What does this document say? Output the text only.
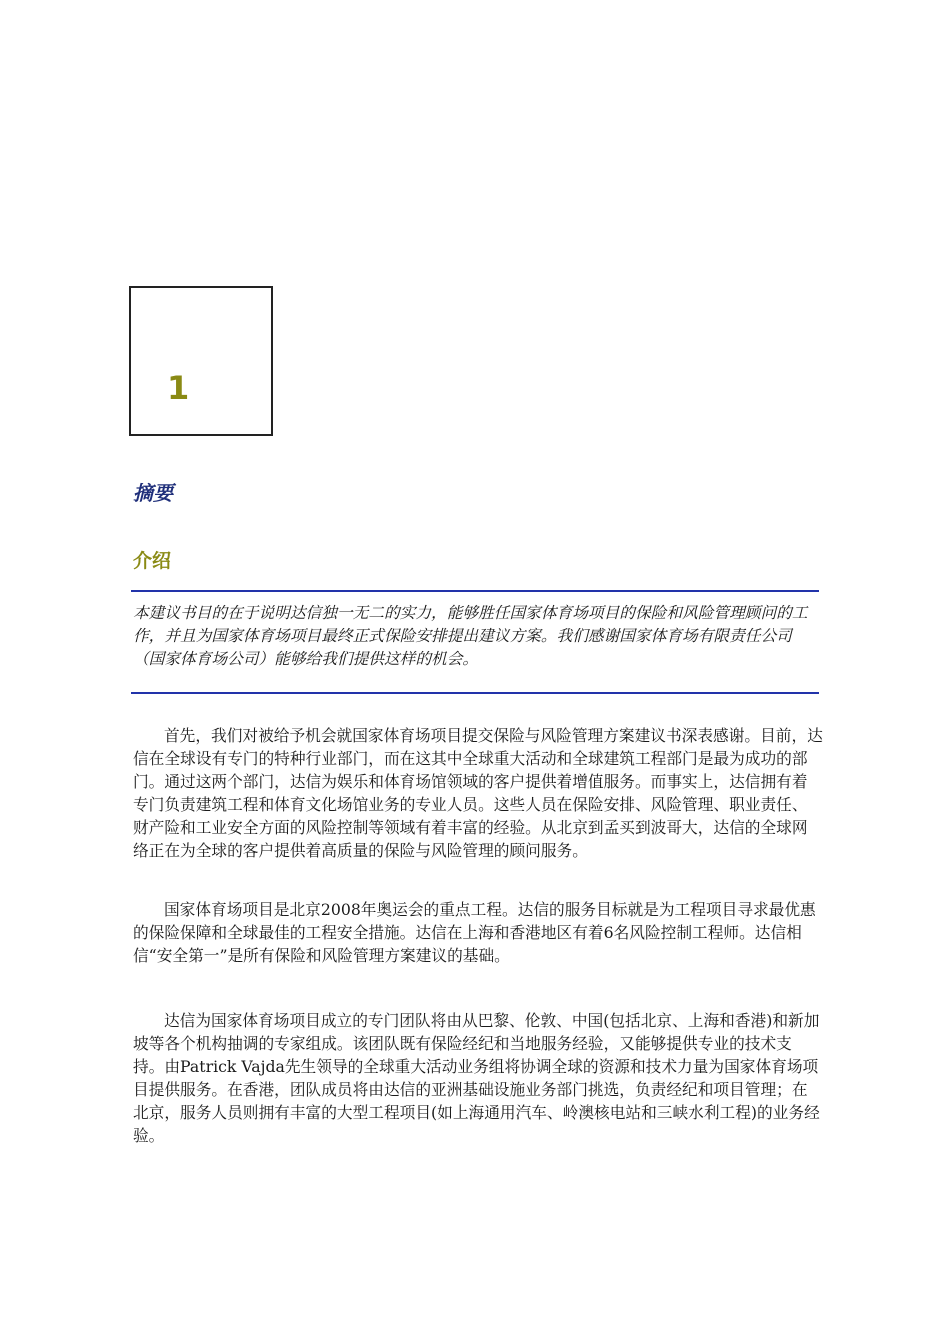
1
摘要
介绍

本建议书目的在于说明达信独一无二的实力，能够胜任国家体育场项目的保险和风险管理顾问的工作，并且为国家体育场项目最终正式保险安排提出建议方案。我们感谢国家体育场有限责任公司（国家体育场公司）能够给我们提供这样的机会。

首先，我们对被给予机会就国家体育场项目提交保险与风险管理方案建议书深表感谢。目前，达信在全球设有专门的特种行业部门，而在这其中全球重大活动和全球建筑工程部门是最为成功的部门。通过这两个部门，达信为娱乐和体育场馆领域的客户提供着增值服务。而事实上，达信拥有着专门负责建筑工程和体育文化场馆业务的专业人员。这些人员在保险安排、风险管理、职业责任、财产险和工业安全方面的风险控制等领域有着丰富的经验。从北京到孟买到波哥大，达信的全球网络正在为全球的客户提供着高质量的保险与风险管理的顾问服务。

国家体育场项目是北京2008年奥运会的重点工程。达信的服务目标就是为工程项目寻求最优惠的保险保障和全球最佳的工程安全措施。达信在上海和香港地区有着6名风险控制工程师。达信相信“安全第一”是所有保险和风险管理方案建议的基础。

达信为国家体育场项目成立的专门团队将由从巴黎、伦敦、中国(包括北京、上海和香港)和新加坡等各个机构抽调的专家组成。该团队既有保险经纪和当地服务经验，又能够提供专业的技术支持。由Patrick Vajda先生领导的全球重大活动业务组将协调全球的资源和技术力量为国家体育场项目提供服务。在香港，团队成员将由达信的亚洲基础设施业务部门挑选，负责经纪和项目管理；在北京，服务人员则拥有丰富的大型工程项目(如上海通用汽车、岭澳核电站和三峡水利工程)的业务经验。
